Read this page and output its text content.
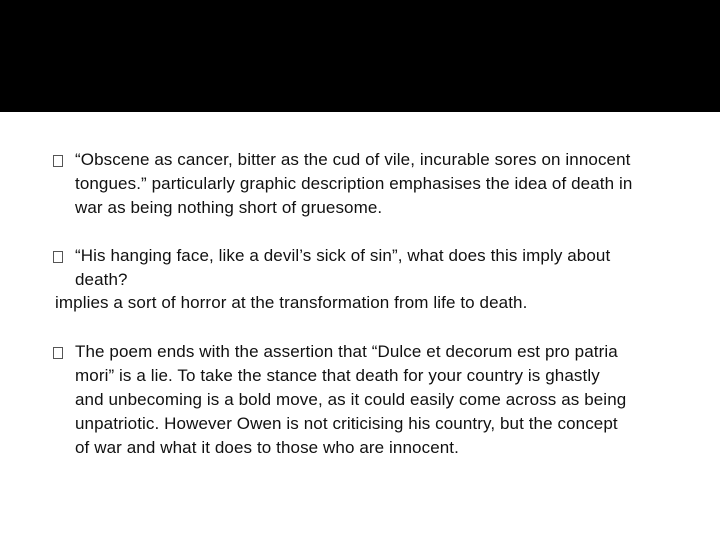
“Obscene as cancer, bitter as the cud of vile, incurable sores on innocent
tongues.” particularly graphic description emphasises the idea of death in
war as being nothing short of gruesome.
“His hanging face, like a devil’s sick of sin”, what does this imply about
death?
implies a sort of horror at the transformation from life to death.
The poem ends with the assertion that “Dulce et decorum est pro patria
mori” is a lie. To take the stance that death for your country is ghastly
and unbecoming is a bold move, as it could easily come across as being
unpatriotic. However Owen is not criticising his country, but the concept
of war and what it does to those who are innocent.
